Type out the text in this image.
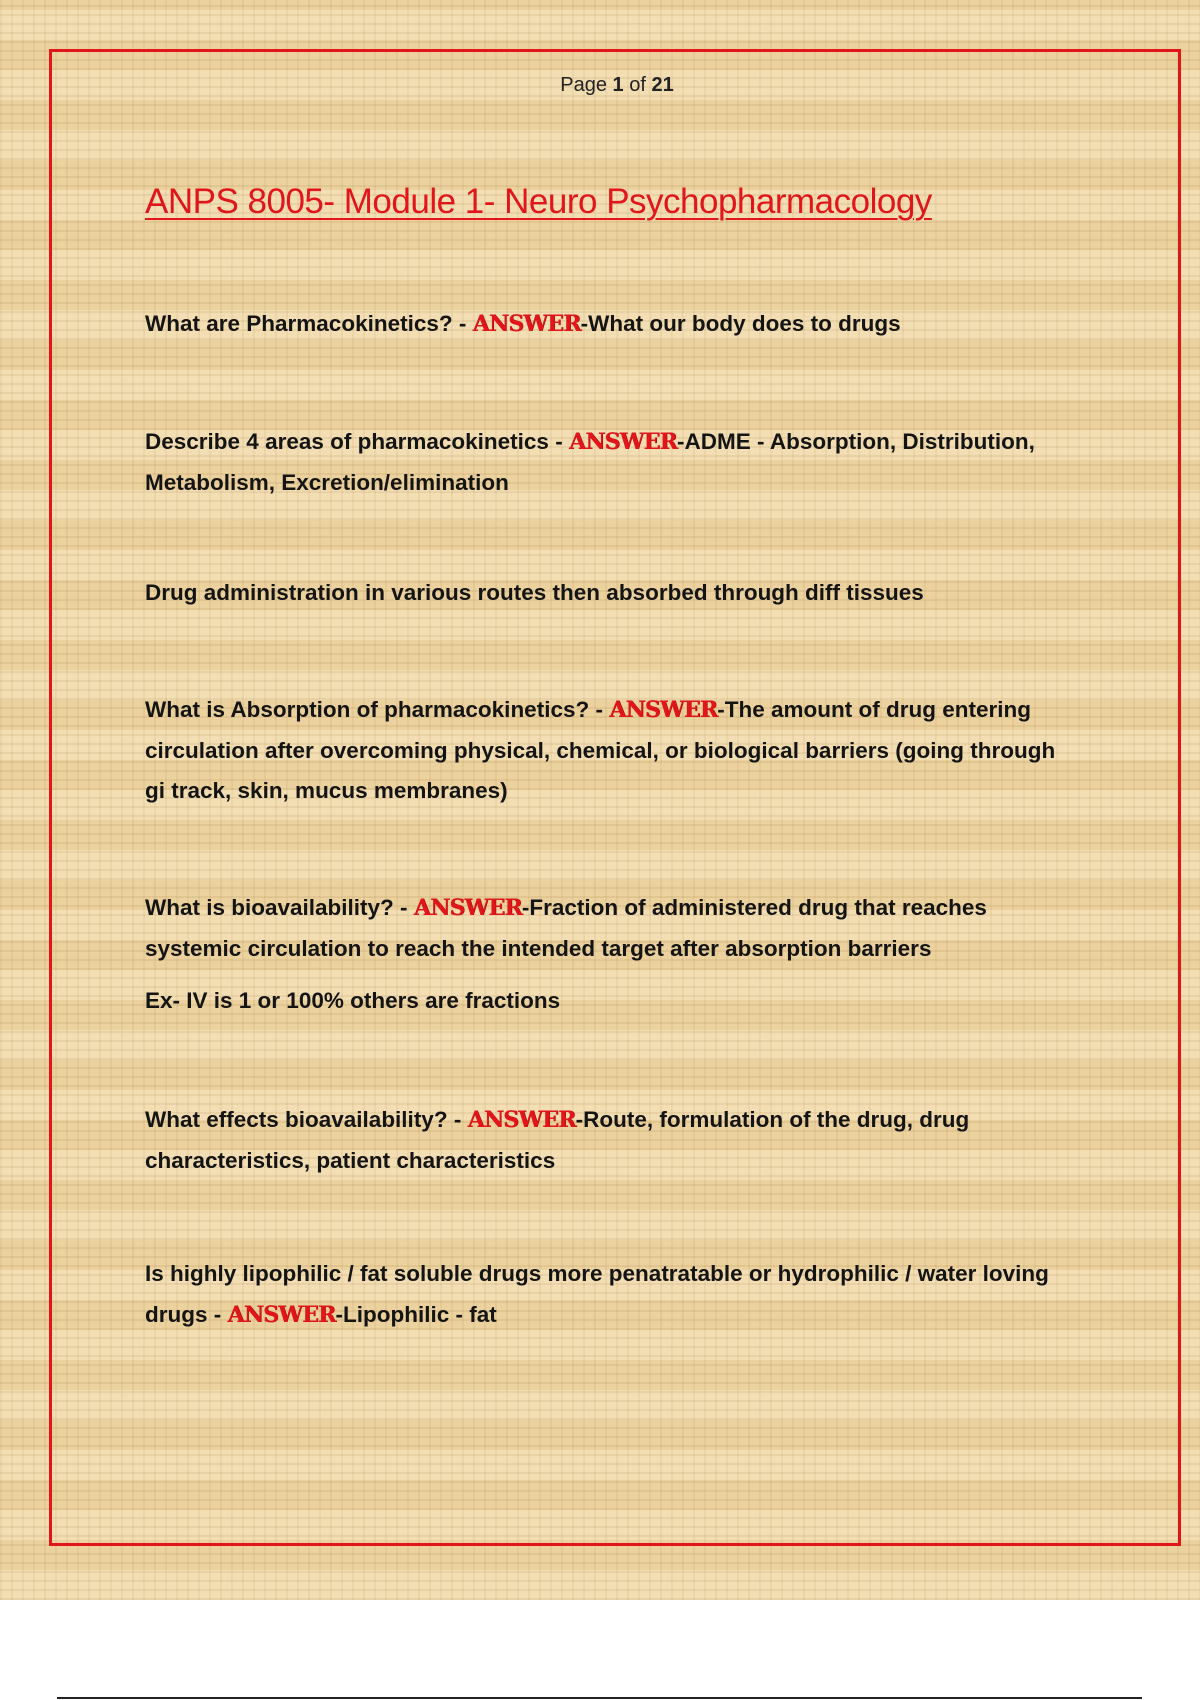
Page 1 of 21
ANPS 8005- Module 1- Neuro Psychopharmacology
What are Pharmacokinetics? - ANSWER-What our body does to drugs
Describe 4 areas of pharmacokinetics - ANSWER-ADME - Absorption, Distribution, Metabolism, Excretion/elimination
Drug administration in various routes then absorbed through diff tissues
What is Absorption of pharmacokinetics? - ANSWER-The amount of drug entering circulation after overcoming physical, chemical, or biological barriers (going through gi track, skin, mucus membranes)
What is bioavailability? - ANSWER-Fraction of administered drug that reaches systemic circulation to reach the intended target after absorption barriers
Ex- IV is 1 or 100% others are fractions
What effects bioavailability? - ANSWER-Route, formulation of the drug, drug characteristics, patient characteristics
Is highly lipophilic / fat soluble drugs more penatratable or hydrophilic / water loving drugs - ANSWER-Lipophilic - fat
